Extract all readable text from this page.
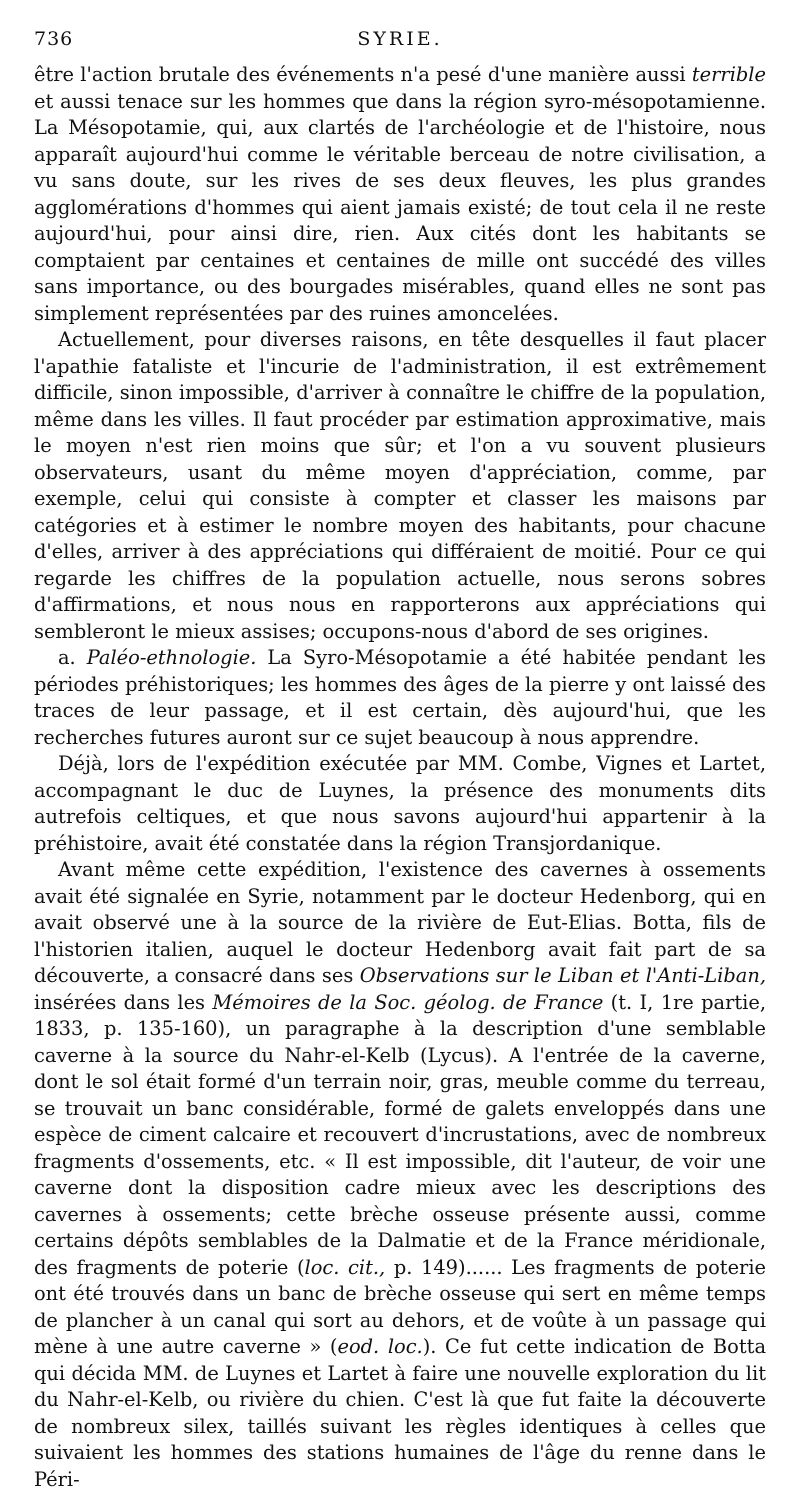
736	SYRIE.

être l'action brutale des événements n'a pesé d'une manière aussi terrible et aussi tenace sur les hommes que dans la région syro-mésopotamienne. La Mésopotamie, qui, aux clartés de l'archéologie et de l'histoire, nous apparaît aujourd'hui comme le véritable berceau de notre civilisation, a vu sans doute, sur les rives de ses deux fleuves, les plus grandes agglomérations d'hommes qui aient jamais existé; de tout cela il ne reste aujourd'hui, pour ainsi dire, rien. Aux cités dont les habitants se comptaient par centaines et centaines de mille ont succédé des villes sans importance, ou des bourgades misérables, quand elles ne sont pas simplement représentées par des ruines amoncelées.

Actuellement, pour diverses raisons, en tête desquelles il faut placer l'apathie fataliste et l'incurie de l'administration, il est extrêmement difficile, sinon impossible, d'arriver à connaître le chiffre de la population, même dans les villes. Il faut procéder par estimation approximative, mais le moyen n'est rien moins que sûr; et l'on a vu souvent plusieurs observateurs, usant du même moyen d'appréciation, comme, par exemple, celui qui consiste à compter et classer les maisons par catégories et à estimer le nombre moyen des habitants, pour chacune d'elles, arriver à des appréciations qui différaient de moitié. Pour ce qui regarde les chiffres de la population actuelle, nous serons sobres d'affirmations, et nous nous en rapporterons aux appréciations qui sembleront le mieux assises; occupons-nous d'abord de ses origines.

a. Paléo-ethnologie. La Syro-Mésopotamie a été habitée pendant les périodes préhistoriques; les hommes des âges de la pierre y ont laissé des traces de leur passage, et il est certain, dès aujourd'hui, que les recherches futures auront sur ce sujet beaucoup à nous apprendre.

Déjà, lors de l'expédition exécutée par MM. Combe, Vignes et Lartet, accompagnant le duc de Luynes, la présence des monuments dits autrefois celtiques, et que nous savons aujourd'hui appartenir à la préhistoire, avait été constatée dans la région Transjordanique.

Avant même cette expédition, l'existence des cavernes à ossements avait été signalée en Syrie, notamment par le docteur Hedenborg, qui en avait observé une à la source de la rivière de Eut-Elias. Botta, fils de l'historien italien, auquel le docteur Hedenborg avait fait part de sa découverte, a consacré dans ses Observations sur le Liban et l'Anti-Liban, insérées dans les Mémoires de la Soc. géolog. de France (t. I, 1re partie, 1833, p. 135-160), un paragraphe à la description d'une semblable caverne à la source du Nahr-el-Kelb (Lycus). A l'entrée de la caverne, dont le sol était formé d'un terrain noir, gras, meuble comme du terreau, se trouvait un banc considérable, formé de galets enveloppés dans une espèce de ciment calcaire et recouvert d'incrustations, avec de nombreux fragments d'ossements, etc. « Il est impossible, dit l'auteur, de voir une caverne dont la disposition cadre mieux avec les descriptions des cavernes à ossements; cette brèche osseuse présente aussi, comme certains dépôts semblables de la Dalmatie et de la France méridionale, des fragments de poterie (loc. cit., p. 149)...... Les fragments de poterie ont été trouvés dans un banc de brèche osseuse qui sert en même temps de plancher à un canal qui sort au dehors, et de voûte à un passage qui mène à une autre caverne » (eod. loc.). Ce fut cette indication de Botta qui décida MM. de Luynes et Lartet à faire une nouvelle exploration du lit du Nahr-el-Kelb, ou rivière du chien. C'est là que fut faite la découverte de nombreux silex, taillés suivant les règles identiques à celles que suivaient les hommes des stations humaines de l'âge du renne dans le Péri-
